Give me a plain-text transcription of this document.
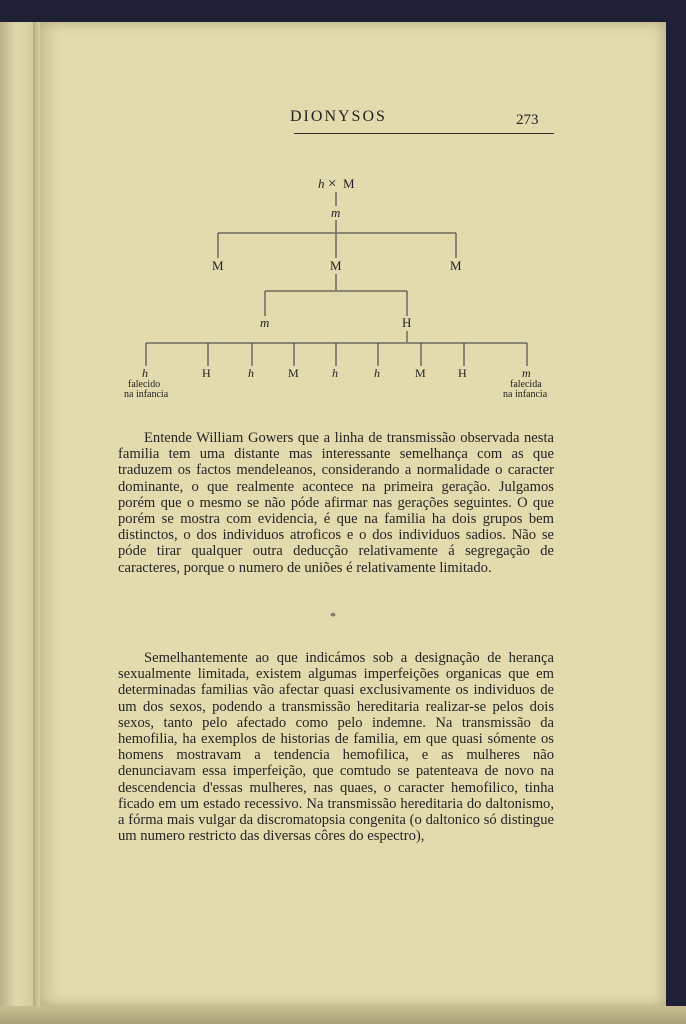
DIONYSOS	273
h × M
m
M	M	M
m	H
h
falecido
na infancia
H	h	M	h	h	M	H	m
falecida
na infancia

Entende William Gowers que a linha de transmissão observada nesta familia tem uma distante mas interessante semelhança com as que traduzem os factos mendeleanos, considerando a normalidade o caracter dominante, o que realmente acontece na primeira geração. Julgamos porém que o mesmo se não póde afirmar nas gerações seguintes. O que porém se mostra com evidencia, é que na familia ha dois grupos bem distinctos, o dos individuos atroficos e o dos individuos sadios. Não se póde tirar qualquer outra deducção relativamente á segregação de caracteres, porque o numero de uniões é relativamente limitado.

*

Semelhantemente ao que indicámos sob a designação de herança sexualmente limitada, existem algumas imperfeições organicas que em determinadas familias vão afectar quasi exclusivamente os individuos de um dos sexos, podendo a transmissão hereditaria realizar-se pelos dois sexos, tanto pelo afectado como pelo indemne. Na transmissão da hemofilia, ha exemplos de historias de familia, em que quasi sómente os homens mostravam a tendencia hemofilica, e as mulheres não denunciavam essa imperfeição, que comtudo se patenteava de novo na descendencia d'essas mulheres, nas quaes, o caracter hemofilico, tinha ficado em um estado recessivo. Na transmissão hereditaria do daltonismo, a fórma mais vulgar da discromatopsia congenita (o daltonico só distingue um numero restricto das diversas côres do espectro),
